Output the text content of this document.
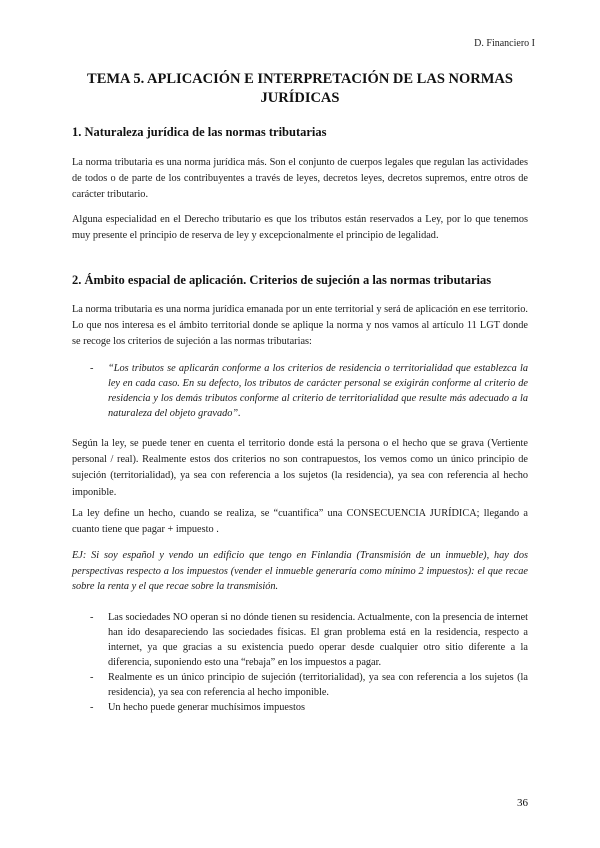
D. Financiero I
TEMA 5. APLICACIÓN E INTERPRETACIÓN DE LAS NORMAS JURÍDICAS
1. Naturaleza jurídica de las normas tributarias
La norma tributaria es una norma jurídica más. Son el conjunto de cuerpos legales que regulan las actividades de todos o de parte de los contribuyentes a través de leyes, decretos leyes, decretos supremos, entre otros de carácter tributario.
Alguna especialidad en el Derecho tributario es que los tributos están reservados a Ley, por lo que tenemos muy presente el principio de reserva de ley y excepcionalmente el principio de legalidad.
2. Ámbito espacial de aplicación. Criterios de sujeción a las normas tributarias
La norma tributaria es una norma jurídica emanada por un ente territorial y será de aplicación en ese territorio. Lo que nos interesa es el ámbito territorial donde se aplique la norma y nos vamos al artículo 11 LGT donde se recoge los criterios de sujeción a las normas tributarias:
- “Los tributos se aplicarán conforme a los criterios de residencia o territorialidad que establezca la ley en cada caso. En su defecto, los tributos de carácter personal se exigirán conforme al criterio de residencia y los demás tributos conforme al criterio de territorialidad que resulte más adecuado a la naturaleza del objeto gravado”.
Según la ley, se puede tener en cuenta el territorio donde está la persona o el hecho que se grava (Vertiente personal / real). Realmente estos dos criterios no son contrapuestos, los vemos como un único principio de sujeción (territorialidad), ya sea con referencia a los sujetos (la residencia), ya sea con referencia al hecho imponible.
La ley define un hecho, cuando se realiza, se “cuantifica” una CONSECUENCIA JURÍDICA; llegando a cuanto tiene que pagar + impuesto .
EJ: Si soy español y vendo un edificio que tengo en Finlandia (Transmisión de un inmueble), hay dos perspectivas respecto a los impuestos (vender el inmueble generaría como mínimo 2 impuestos): el que recae sobre la renta y el que recae sobre la transmisión.
- Las sociedades NO operan si no dónde tienen su residencia. Actualmente, con la presencia de internet han ido desapareciendo las sociedades físicas. El gran problema está en la residencia, respecto a internet, ya que gracias a su existencia puedo operar desde cualquier otro sitio diferente a la diferencia, suponiendo esto una “rebaja” en los impuestos a pagar.
- Realmente es un único principio de sujeción (territorialidad), ya sea con referencia a los sujetos (la residencia), ya sea con referencia al hecho imponible.
- Un hecho puede generar muchísimos impuestos
36
